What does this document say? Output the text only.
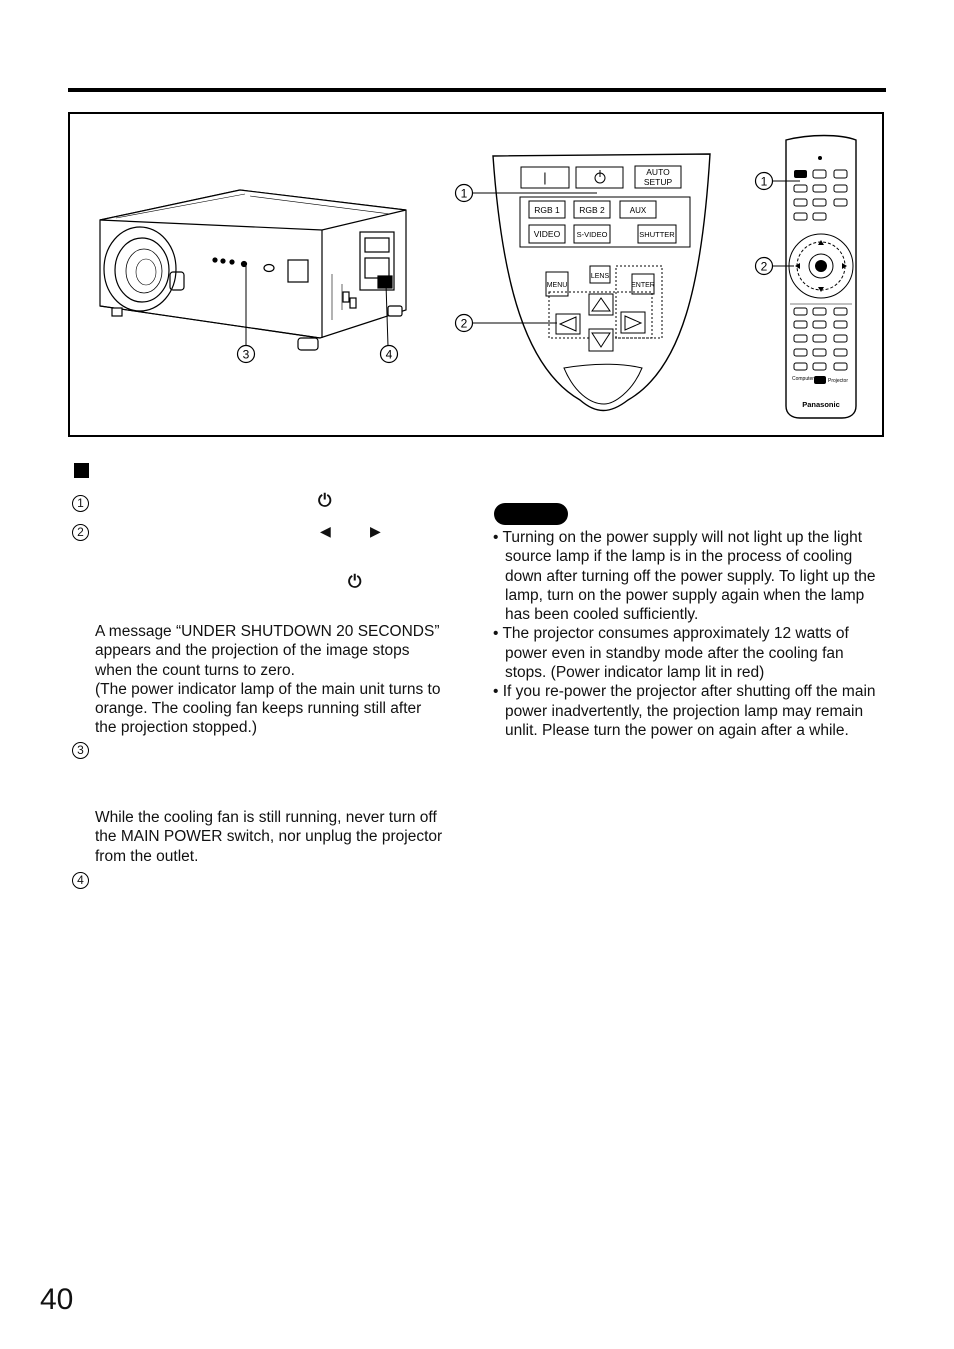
3	4
|	AUTO
SETUP
RGB 1 RGB 2	AUX
VIDEO S-VIDEO	SHUTTER
MENU
LENS
ENTER
1
2
Computer	Projector
Panasonic
1
2
1	⏻
2	◀	▶
⏻
A message “UNDER SHUTDOWN 20 SECONDS”
appears and the projection of the image stops
when the count turns to zero.
(The power indicator lamp of the main unit turns to
orange. The cooling fan keeps running still after
the projection stopped.)
3
While the cooling fan is still running, never turn off
the MAIN POWER switch, nor unplug the projector
from the outlet.
4
• Turning on the power supply will not light up the light source lamp if the lamp is in the process of cooling down after turning off the power supply. To light up the lamp, turn on the power supply again when the lamp has been cooled sufficiently.
• The projector consumes approximately 12 watts of power even in standby mode after the cooling fan stops. (Power indicator lamp lit in red)
• If you re-power the projector after shutting off the main power inadvertently, the projection lamp may remain unlit. Please turn the power on again after a while.
40
